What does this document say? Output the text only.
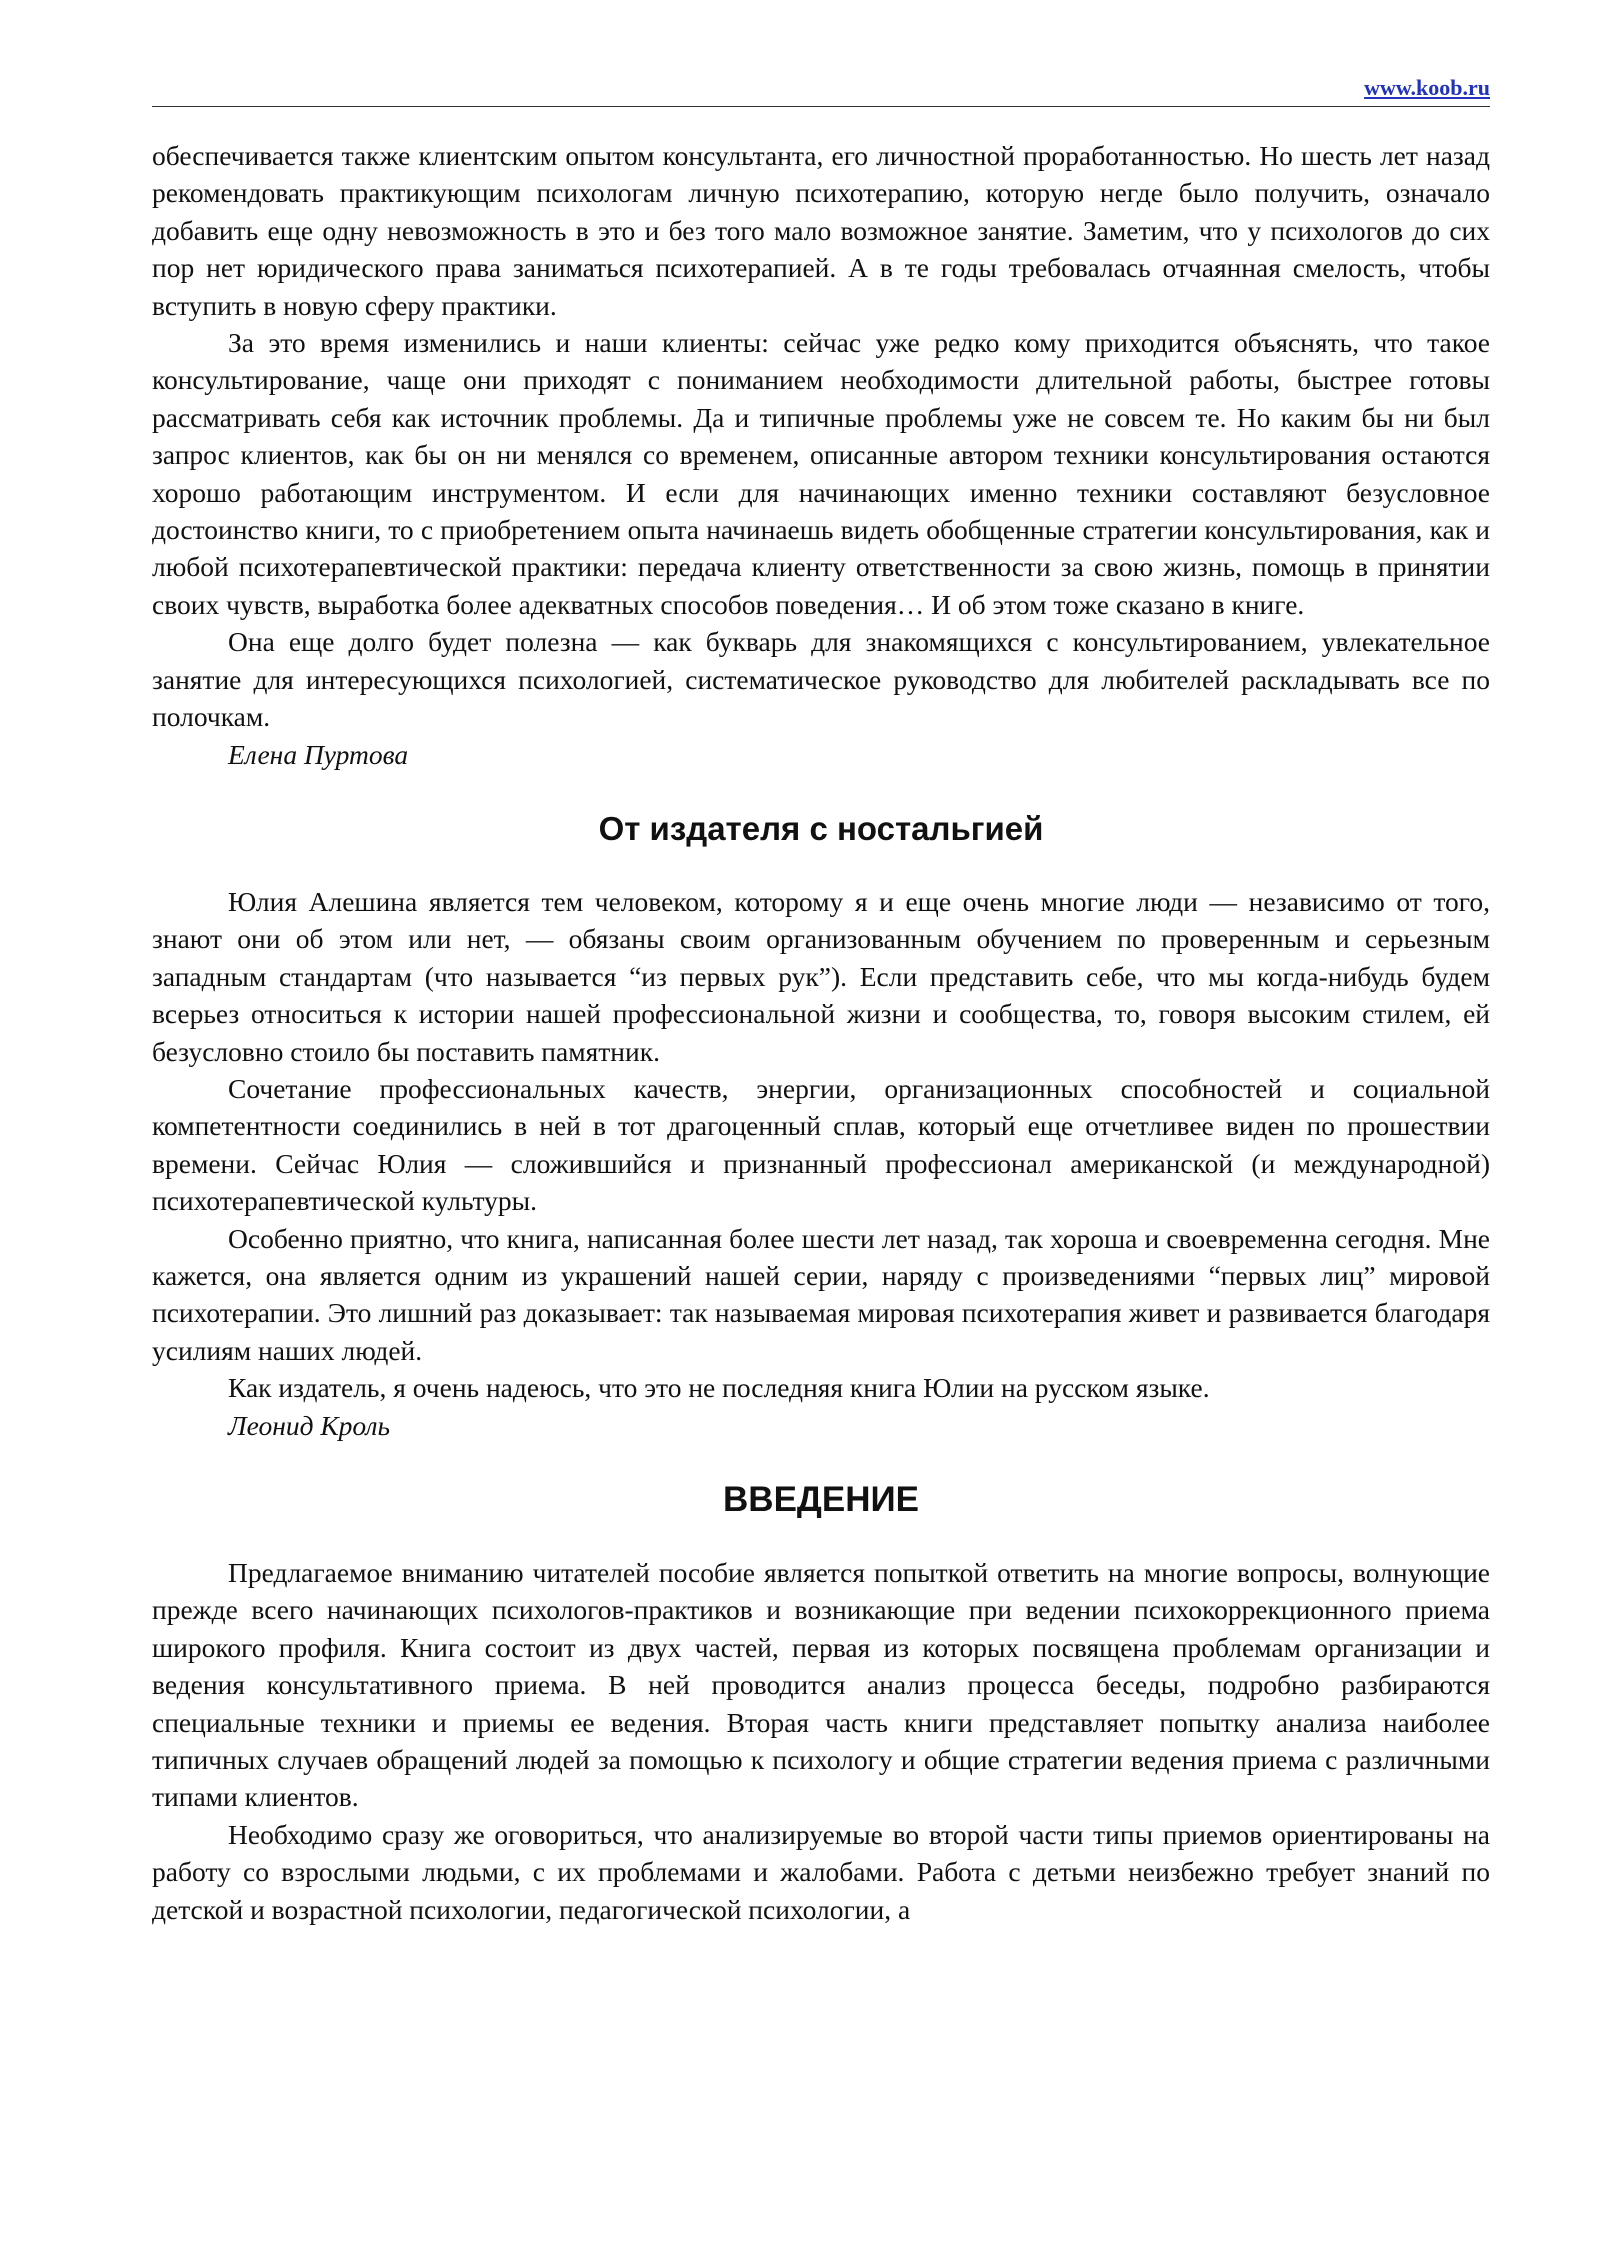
www.koob.ru

обеспечивается также клиентским опытом консультанта, его личностной проработанностью. Но шесть лет назад рекомендовать практикующим психологам личную психотерапию, которую негде было получить, означало добавить еще одну невозможность в это и без того мало возможное занятие. Заметим, что у психологов до сих пор нет юридического права заниматься психотерапией. А в те годы требовалась отчаянная смелость, чтобы вступить в новую сферу практики.

За это время изменились и наши клиенты: сейчас уже редко кому приходится объяснять, что такое консультирование, чаще они приходят с пониманием необходимости длительной работы, быстрее готовы рассматривать себя как источник проблемы. Да и типичные проблемы уже не совсем те. Но каким бы ни был запрос клиентов, как бы он ни менялся со временем, описанные автором техники консультирования остаются хорошо работающим инструментом. И если для начинающих именно техники составляют безусловное достоинство книги, то с приобретением опыта начинаешь видеть обобщенные стратегии консультирования, как и любой психотерапевтической практики: передача клиенту ответственности за свою жизнь, помощь в принятии своих чувств, выработка более адекватных способов поведения… И об этом тоже сказано в книге.

Она еще долго будет полезна — как букварь для знакомящихся с консультированием, увлекательное занятие для интересующихся психологией, систематическое руководство для любителей раскладывать все по полочкам.

Елена Пуртова

От издателя с ностальгией

Юлия Алешина является тем человеком, которому я и еще очень многие люди — независимо от того, знают они об этом или нет, — обязаны своим организованным обучением по проверенным и серьезным западным стандартам (что называется “из первых рук”). Если представить себе, что мы когда-нибудь будем всерьез относиться к истории нашей профессиональной жизни и сообщества, то, говоря высоким стилем, ей безусловно стоило бы поставить памятник.

Сочетание профессиональных качеств, энергии, организационных способностей и социальной компетентности соединились в ней в тот драгоценный сплав, который еще отчетливее виден по прошествии времени. Сейчас Юлия — сложившийся и признанный профессионал американской (и международной) психотерапевтической культуры.

Особенно приятно, что книга, написанная более шести лет назад, так хороша и своевременна сегодня. Мне кажется, она является одним из украшений нашей серии, наряду с произведениями “первых лиц” мировой психотерапии. Это лишний раз доказывает: так называемая мировая психотерапия живет и развивается благодаря усилиям наших людей.

Как издатель, я очень надеюсь, что это не последняя книга Юлии на русском языке.

Леонид Кроль

ВВЕДЕНИЕ

Предлагаемое вниманию читателей пособие является попыткой ответить на многие вопросы, волнующие прежде всего начинающих психологов-практиков и возникающие при ведении психокоррекционного приема широкого профиля. Книга состоит из двух частей, первая из которых посвящена проблемам организации и ведения консультативного приема. В ней проводится анализ процесса беседы, подробно разбираются специальные техники и приемы ее ведения. Вторая часть книги представляет попытку анализа наиболее типичных случаев обращений людей за помощью к психологу и общие стратегии ведения приема с различными типами клиентов.

Необходимо сразу же оговориться, что анализируемые во второй части типы приемов ориентированы на работу со взрослыми людьми, с их проблемами и жалобами. Работа с детьми неизбежно требует знаний по детской и возрастной психологии, педагогической психологии, а
